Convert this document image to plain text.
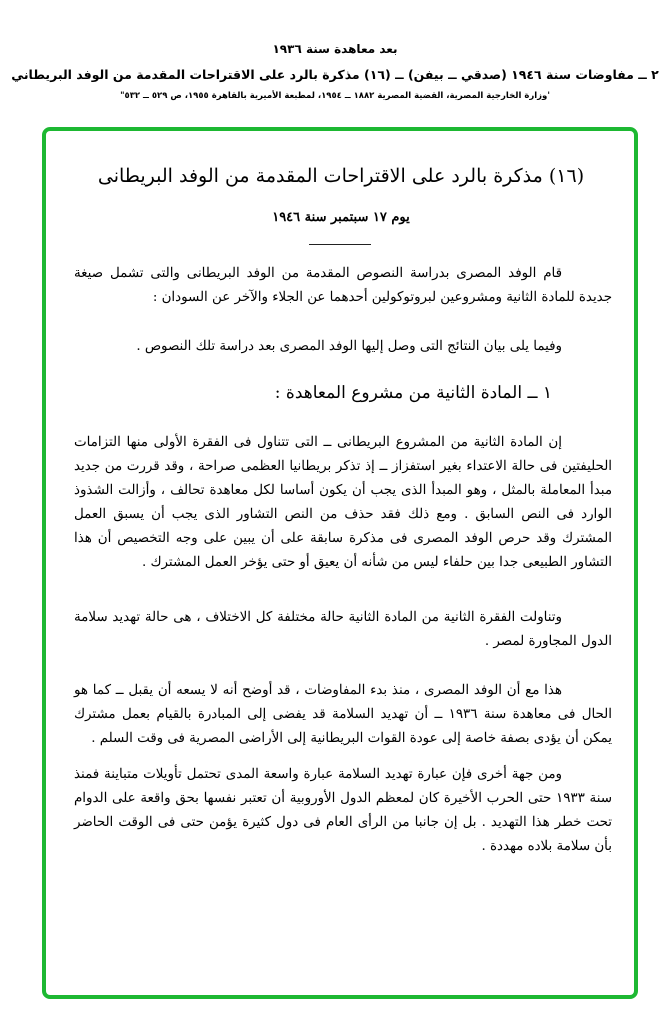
بعد معاهدة سنة ١٩٣٦
٢ ــ مفاوضات سنة ١٩٤٦ (صدقي ــ بيفن) ــ (١٦) مذكرة بالرد على الاقتراحات المقدمة من الوفد البريطاني
'وزارة الخارجية المصرية، القضية المصرية ١٨٨٢ ــ ١٩٥٤، لمطبعة الأميرية بالقاهرة ١٩٥٥، ص ٥٢٩ ــ ٥٣٢"
(١٦) مذكرة بالرد على الاقتراحات المقدمة من الوفد البريطانى
يوم ١٧ سبتمبر سنة ١٩٤٦
قام الوفد المصرى بدراسة النصوص المقدمة من الوفد البريطانى والتى تشمل صيغة جديدة للمادة الثانية ومشروعين لبروتوكولين أحدهما عن الجلاء والآخر عن السودان :
وفيما يلى بيان النتائج التى وصل إليها الوفد المصرى بعد دراسة تلك النصوص .
١ ــ المادة الثانية من مشروع المعاهدة :
إن المادة الثانية من المشروع البريطانى ــ التى تتناول فى الفقرة الأولى منها التزامات الحليفتين فى حالة الاعتداء بغير استفزاز ــ إذ تذكر بريطانيا العظمى صراحة ، وقد قررت من جديد مبدأ المعاملة بالمثل ، وهو المبدأ الذى يجب أن يكون أساسا لكل معاهدة تحالف ، وأزالت الشذوذ الوارد فى النص السابق . ومع ذلك فقد حذف من النص التشاور الذى يجب أن يسبق العمل المشترك وقد حرص الوفد المصرى فى مذكرة سابقة على أن يبين على وجه التخصيص أن هذا التشاور الطبيعى جدا بين حلفاء ليس من شأنه أن يعيق أو حتى يؤخر العمل المشترك .
وتناولت الفقرة الثانية من المادة الثانية حالة مختلفة كل الاختلاف ، هى حالة تهديد سلامة الدول المجاورة لمصر .
هذا مع أن الوفد المصرى ، منذ بدء المفاوضات ، قد أوضح أنه لا يسعه أن يقبل ــ كما هو الحال فى معاهدة سنة ١٩٣٦ ــ أن تهديد السلامة قد يفضى إلى المبادرة بالقيام بعمل مشترك يمكن أن يؤدى بصفة خاصة إلى عودة القوات البريطانية إلى الأراضى المصرية فى وقت السلم .
ومن جهة أخرى فإن عبارة تهديد السلامة عبارة واسعة المدى تحتمل تأويلات متباينة فمنذ سنة ١٩٣٣ حتى الحرب الأخيرة كان لمعظم الدول الأوروبية أن تعتبر نفسها بحق واقعة على الدوام تحت خطر هذا التهديد . بل إن جانبا من الرأى العام فى دول كثيرة يؤمن حتى فى الوقت الحاضر بأن سلامة بلاده مهددة .
